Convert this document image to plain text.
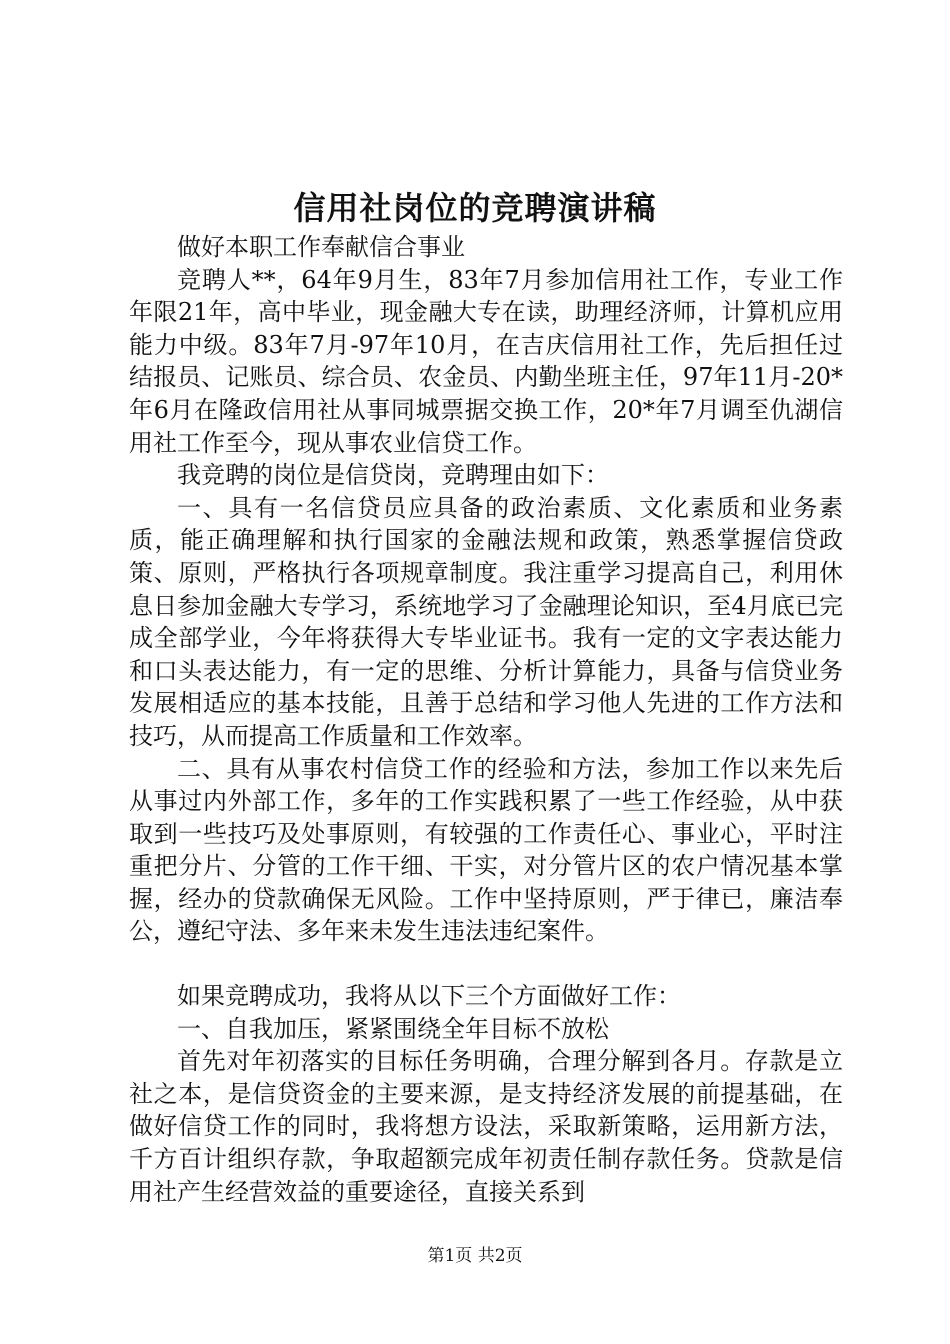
信用社岗位的竞聘演讲稿

做好本职工作奉献信合事业

竞聘人**，64年9月生，83年7月参加信用社工作，专业工作年限21年，高中毕业，现金融大专在读，助理经济师，计算机应用能力中级。83年7月-97年10月，在吉庆信用社工作，先后担任过结报员、记账员、综合员、农金员、内勤坐班主任，97年11月-20*年6月在隆政信用社从事同城票据交换工作，20*年7月调至仇湖信用社工作至今，现从事农业信贷工作。

我竞聘的岗位是信贷岗，竞聘理由如下：

一、具有一名信贷员应具备的政治素质、文化素质和业务素质，能正确理解和执行国家的金融法规和政策，熟悉掌握信贷政策、原则，严格执行各项规章制度。我注重学习提高自己，利用休息日参加金融大专学习，系统地学习了金融理论知识，至4月底已完成全部学业，今年将获得大专毕业证书。我有一定的文字表达能力和口头表达能力，有一定的思维、分析计算能力，具备与信贷业务发展相适应的基本技能，且善于总结和学习他人先进的工作方法和技巧，从而提高工作质量和工作效率。

二、具有从事农村信贷工作的经验和方法，参加工作以来先后从事过内外部工作，多年的工作实践积累了一些工作经验，从中获取到一些技巧及处事原则，有较强的工作责任心、事业心，平时注重把分片、分管的工作干细、干实，对分管片区的农户情况基本掌握，经办的贷款确保无风险。工作中坚持原则，严于律已，廉洁奉公，遵纪守法、多年来未发生违法违纪案件。

如果竞聘成功，我将从以下三个方面做好工作：

一、自我加压，紧紧围绕全年目标不放松

首先对年初落实的目标任务明确，合理分解到各月。存款是立社之本，是信贷资金的主要来源，是支持经济发展的前提基础，在做好信贷工作的同时，我将想方设法，采取新策略，运用新方法，千方百计组织存款，争取超额完成年初责任制存款任务。贷款是信用社产生经营效益的重要途径，直接关系到

第1页 共2页
